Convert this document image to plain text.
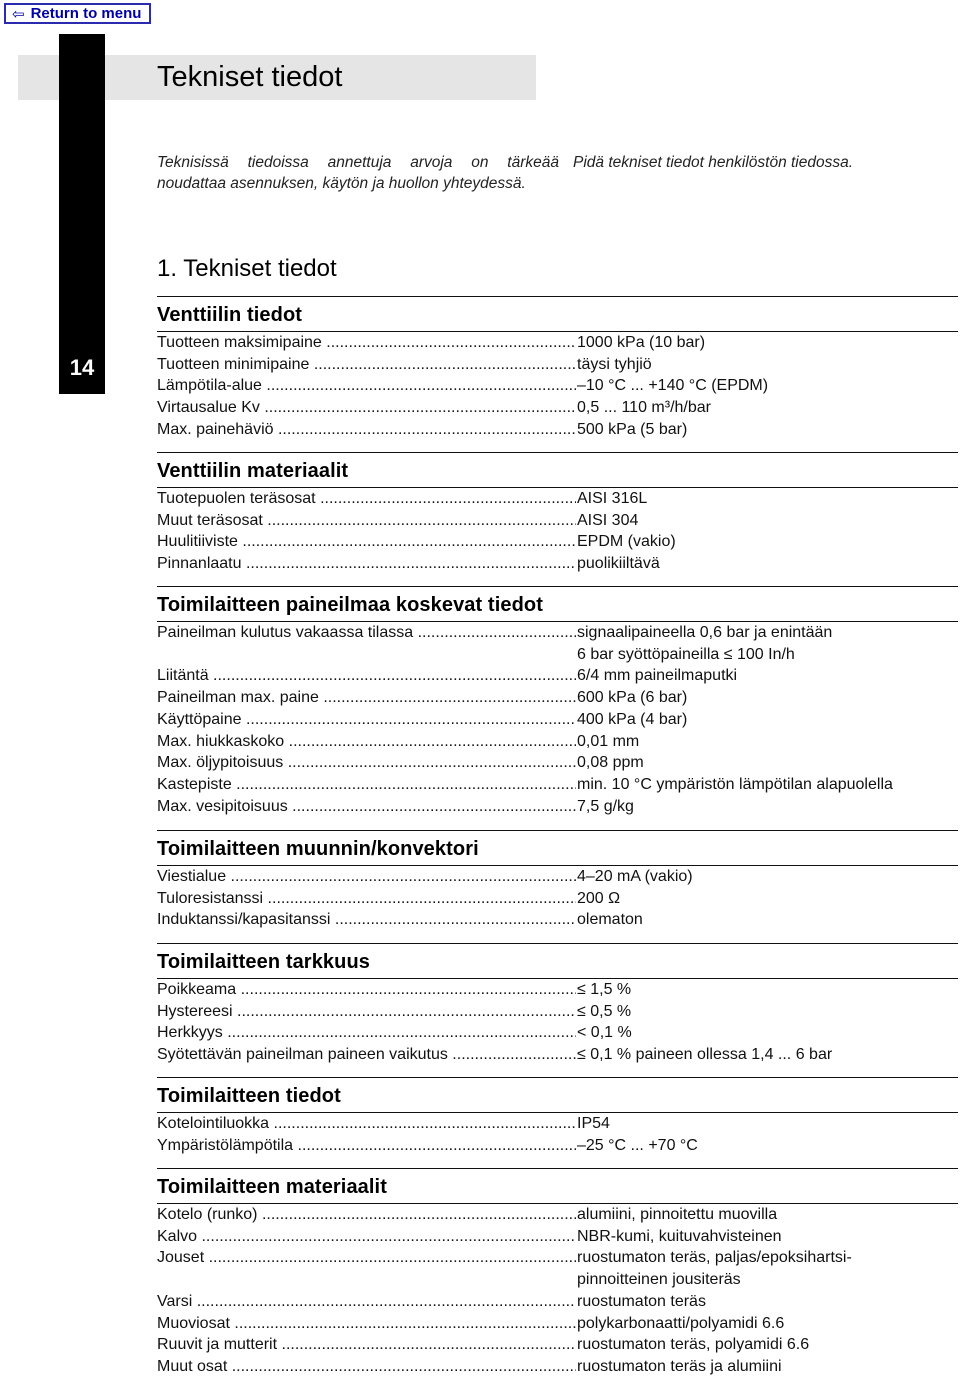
⇦ Return to menu
14
Tekniset tiedot
Teknisissä tiedoissa annettuja arvoja on tärkeää noudattaa asennuksen, käytön ja huollon yhteydessä.
Pidä tekniset tiedot henkilöstön tiedossa.
1. Tekniset tiedot
Venttiilin tiedot
Tuotteen maksimipaine .....	1000 kPa (10 bar)
Tuotteen minimipaine .....	täysi tyhjiö
Lämpötila-alue .....	–10 °C ... +140 °C (EPDM)
Virtausalue Kv .....	0,5 ... 110 m³/h/bar
Max. painehäviö .....	500 kPa (5 bar)
Venttiilin materiaalit
Tuotepuolen teräsosat .....	AISI 316L
Muut teräsosat .....	AISI 304
Huulitiiviste .....	EPDM (vakio)
Pinnanlaatu .....	puolikiiltävä
Toimilaitteen paineilmaa koskevat tiedot
Paineilman kulutus vakaassa tilassa .....	signaalipaineella 0,6 bar ja enintään
6 bar syöttöpaineilla ≤ 100 In/h
Liitäntä .....	6/4 mm paineilmaputki
Paineilman max. paine .....	600 kPa (6 bar)
Käyttöpaine .....	400 kPa (4 bar)
Max. hiukkaskoko .....	0,01 mm
Max. öljypitoisuus .....	0,08 ppm
Kastepiste .....	min. 10 °C ympäristön lämpötilan alapuolella
Max. vesipitoisuus .....	7,5 g/kg
Toimilaitteen muunnin/konvektori
Viestialue .....	4–20 mA (vakio)
Tuloresistanssi .....	200 Ω
Induktanssi/kapasitanssi .....	olematon
Toimilaitteen tarkkuus
Poikkeama .....	≤ 1,5 %
Hystereesi .....	≤ 0,5 %
Herkkyys .....	< 0,1 %
Syötettävän paineilman paineen vaikutus .....	≤ 0,1 % paineen ollessa 1,4 ... 6 bar
Toimilaitteen tiedot
Kotelointiluokka .....	IP54
Ympäristölämpötila .....	–25 °C ... +70 °C
Toimilaitteen materiaalit
Kotelo (runko) .....	alumiini, pinnoitettu muovilla
Kalvo .....	NBR-kumi, kuituvahvisteinen
Jouset .....	ruostumaton teräs, paljas/epoksihartsi-
pinnoitteinen jousiteräs
Varsi .....	ruostumaton teräs
Muoviosat .....	polykarbonaatti/polyamidi 6.6
Ruuvit ja mutterit .....	ruostumaton teräs, polyamidi 6.6
Muut osat .....	ruostumaton teräs ja alumiini
